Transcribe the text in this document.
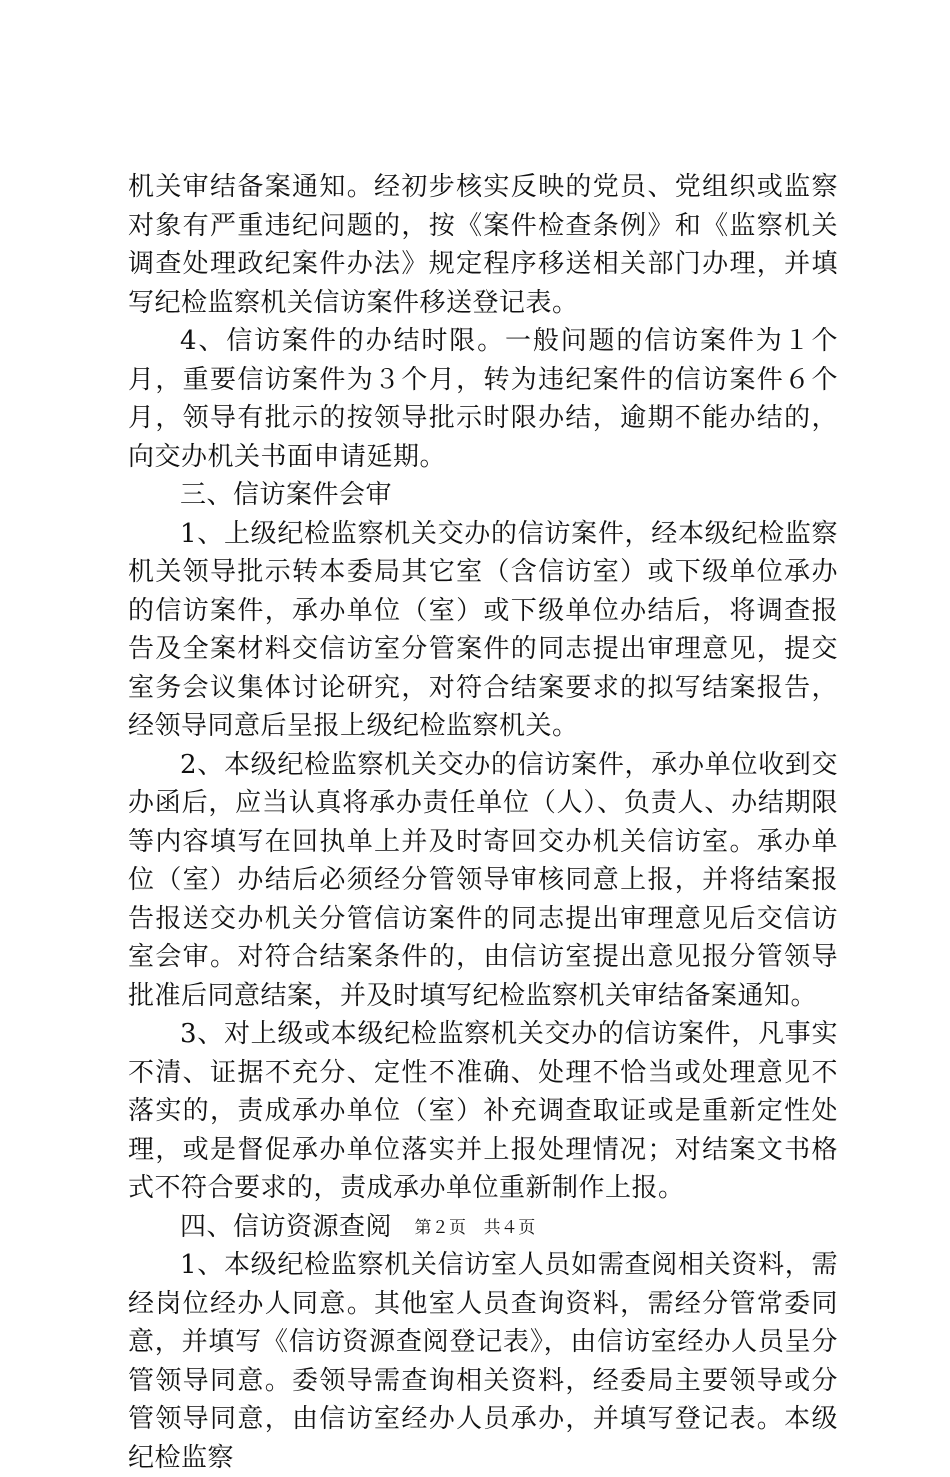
机关审结备案通知。经初步核实反映的党员、党组织或监察对象有严重违纪问题的，按《案件检查条例》和《监察机关调查处理政纪案件办法》规定程序移送相关部门办理，并填写纪检监察机关信访案件移送登记表。

4、信访案件的办结时限。一般问题的信访案件为１个月，重要信访案件为３个月，转为违纪案件的信访案件６个月，领导有批示的按领导批示时限办结，逾期不能办结的，向交办机关书面申请延期。

三、信访案件会审

1、上级纪检监察机关交办的信访案件，经本级纪检监察机关领导批示转本委局其它室（含信访室）或下级单位承办的信访案件，承办单位（室）或下级单位办结后，将调查报告及全案材料交信访室分管案件的同志提出审理意见，提交室务会议集体讨论研究，对符合结案要求的拟写结案报告，经领导同意后呈报上级纪检监察机关。

2、本级纪检监察机关交办的信访案件，承办单位收到交办函后，应当认真将承办责任单位（人）、负责人、办结期限等内容填写在回执单上并及时寄回交办机关信访室。承办单位（室）办结后必须经分管领导审核同意上报，并将结案报告报送交办机关分管信访案件的同志提出审理意见后交信访室会审。对符合结案条件的，由信访室提出意见报分管领导批准后同意结案，并及时填写纪检监察机关审结备案通知。

3、对上级或本级纪检监察机关交办的信访案件，凡事实不清、证据不充分、定性不准确、处理不恰当或处理意见不落实的，责成承办单位（室）补充调查取证或是重新定性处理，或是督促承办单位落实并上报处理情况；对结案文书格式不符合要求的，责成承办单位重新制作上报。

四、信访资源查阅

1、本级纪检监察机关信访室人员如需查阅相关资料，需经岗位经办人同意。其他室人员查询资料，需经分管常委同意，并填写《信访资源查阅登记表》，由信访室经办人员呈分管领导同意。委领导需查询相关资料，经委局主要领导或分管领导同意，由信访室经办人员承办，并填写登记表。本级纪检监察

第２页　共４页
